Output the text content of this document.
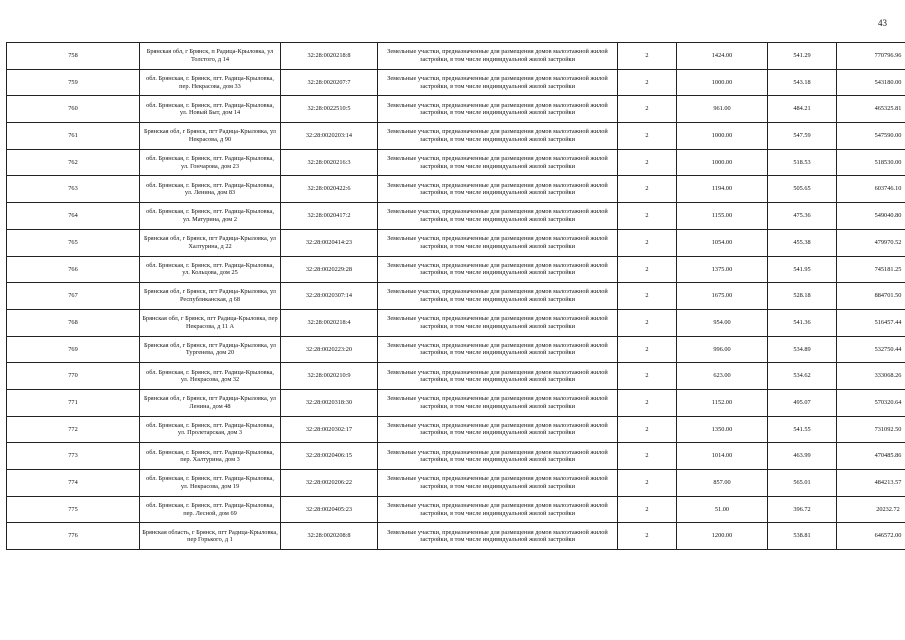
43
758	Брянская обл, г Брянск, п Радица-Крыловка, ул Толстого, д 14	32:28:0020218:8	Земельные участки, предназначенные для размещения домов малоэтажной жилой застройки, в том числе индивидуальной жилой застройки	2	1424.00	541.29	770796.96
759	обл. Брянская, г. Брянск, пгт. Радица-Крыловка, пер. Некрасова, дом 33	32:28:0020207:7	Земельные участки, предназначенные для размещения домов малоэтажной жилой застройки, в том числе индивидуальной жилой застройки	2	1000.00	543.18	543180.00
760	обл. Брянская, г. Брянск, пгт. Радица-Крыловка, ул. Новый Быт, дом 14	32:28:0022510:5	Земельные участки, предназначенные для размещения домов малоэтажной жилой застройки, в том числе индивидуальной жилой застройки	2	961.00	484.21	465325.81
761	Брянская обл, г Брянск, пгт Радица-Крыловка, ул Некрасова, д 90	32:28:0020203:14	Земельные участки, предназначенные для размещения домов малоэтажной жилой застройки, в том числе индивидуальной жилой застройки	2	1000.00	547.59	547590.00
762	обл. Брянская, г. Брянск, пгт. Радица-Крыловка, ул. Гончарова, дом 23	32:28:0020216:3	Земельные участки, предназначенные для размещения домов малоэтажной жилой застройки, в том числе индивидуальной жилой застройки	2	1000.00	518.53	518530.00
763	обл. Брянская, г. Брянск, пгт. Радица-Крыловка, ул. Ленина, дом 83	32:28:0020422:6	Земельные участки, предназначенные для размещения домов малоэтажной жилой застройки, в том числе индивидуальной жилой застройки	2	1194.00	505.65	603746.10
764	обл. Брянская, г. Брянск, пгт. Радица-Крыловка, ул. Матурина, дом 2	32:28:0020417:2	Земельные участки, предназначенные для размещения домов малоэтажной жилой застройки, в том числе индивидуальной жилой застройки	2	1155.00	475.36	549040.80
765	Брянская обл, г Брянск, пгт Радица-Крыловка, ул Халтурина, д 22	32:28:0020414:23	Земельные участки, предназначенные для размещения домов малоэтажной жилой застройки, в том числе индивидуальной жилой застройки	2	1054.00	455.38	479970.52
766	обл. Брянская, г. Брянск, пгт. Радица-Крыловка, ул. Кольцова, дом 25	32:28:0020229:28	Земельные участки, предназначенные для размещения домов малоэтажной жилой застройки, в том числе индивидуальной жилой застройки	2	1375.00	541.95	745181.25
767	Брянская обл, г Брянск, пгт Радица-Крыловка, ул Республиканская, д 68	32:28:0020307:14	Земельные участки, предназначенные для размещения домов малоэтажной жилой застройки, в том числе индивидуальной жилой застройки	2	1675.00	528.18	884701.50
768	Брянская обл, г Брянск, пгт Радица-Крыловка, пер Некрасова, д 11 А	32:28:0020218:4	Земельные участки, предназначенные для размещения домов малоэтажной жилой застройки, в том числе индивидуальной жилой застройки	2	954.00	541.36	516457.44
769	Брянская обл, г Брянск, пгт Радица-Крыловка, ул Тургенева, дом 20	32:28:0020223:20	Земельные участки, предназначенные для размещения домов малоэтажной жилой застройки, в том числе индивидуальной жилой застройки	2	996.00	534.89	532750.44
770	обл. Брянская, г. Брянск, пгт. Радица-Крыловка, ул. Некрасова, дом 32	32:28:0020210:9	Земельные участки, предназначенные для размещения домов малоэтажной жилой застройки, в том числе индивидуальной жилой застройки	2	623.00	534.62	333068.26
771	Брянская обл, г Брянск, пгт Радица-Крыловка, ул Ленина, дом 48	32:28:0020318:30	Земельные участки, предназначенные для размещения домов малоэтажной жилой застройки, в том числе индивидуальной жилой застройки	2	1152.00	495.07	570320.64
772	обл. Брянская, г. Брянск, пгт. Радица-Крыловка, ул. Пролетарская, дом 3	32:28:0020302:17	Земельные участки, предназначенные для размещения домов малоэтажной жилой застройки, в том числе индивидуальной жилой застройки	2	1350.00	541.55	731092.50
773	обл. Брянская, г. Брянск, пгт. Радица-Крыловка, пер. Халтурина, дом 3	32:28:0020406:15	Земельные участки, предназначенные для размещения домов малоэтажной жилой застройки, в том числе индивидуальной жилой застройки	2	1014.00	463.99	470485.86
774	обл. Брянская, г. Брянск, пгт. Радица-Крыловка, ул. Некрасова, дом 19	32:28:0020206:22	Земельные участки, предназначенные для размещения домов малоэтажной жилой застройки, в том числе индивидуальной жилой застройки	2	857.00	565.01	484213.57
775	обл. Брянская, г. Брянск, пгт. Радица-Крыловка, пер. Лесной, дом 69	32:28:0020405:23	Земельные участки, предназначенные для размещения домов малоэтажной жилой застройки, в том числе индивидуальной жилой застройки	2	51.00	396.72	20232.72
776	Брянская область, г Брянск, пгт Радица-Крыловка, пер Горького, д 1	32:28:0020208:8	Земельные участки, предназначенные для размещения домов малоэтажной жилой застройки, в том числе индивидуальной жилой застройки	2	1200.00	538.81	646572.00
